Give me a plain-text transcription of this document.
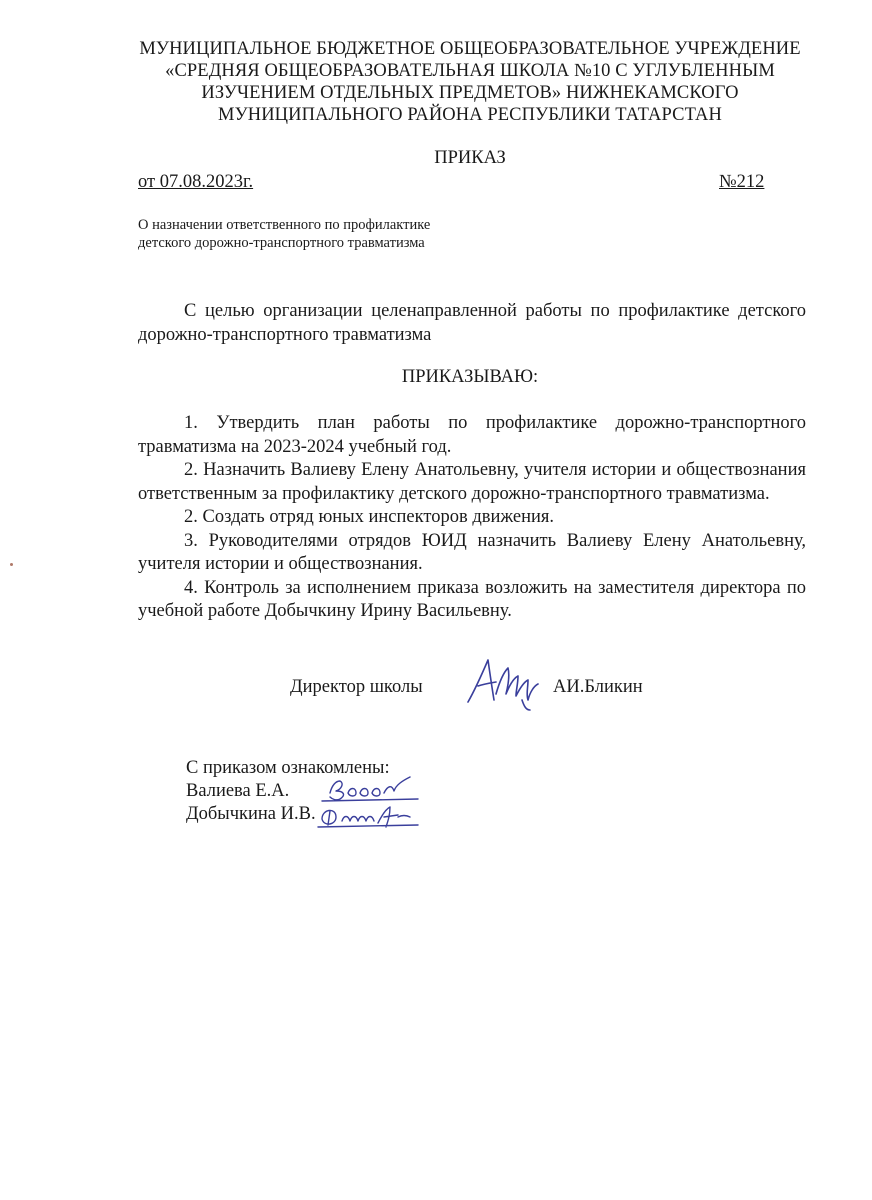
МУНИЦИПАЛЬНОЕ БЮДЖЕТНОЕ ОБЩЕОБРАЗОВАТЕЛЬНОЕ УЧРЕЖДЕНИЕ
«СРЕДНЯЯ ОБЩЕОБРАЗОВАТЕЛЬНАЯ ШКОЛА №10 С УГЛУБЛЕННЫМ
ИЗУЧЕНИЕМ ОТДЕЛЬНЫХ ПРЕДМЕТОВ» НИЖНЕКАМСКОГО
МУНИЦИПАЛЬНОГО РАЙОНА РЕСПУБЛИКИ ТАТАРСТАН
ПРИКАЗ
от 07.08.2023г.	№212
О назначении ответственного по профилактике
детского дорожно-транспортного травматизма
С целью организации целенаправленной работы по профилактике детского дорожно-транспортного травматизма
ПРИКАЗЫВАЮ:

1. Утвердить план работы по профилактике дорожно-транспортного травматизма на 2023-2024 учебный год.

2. Назначить Валиеву Елену Анатольевну, учителя истории и обществознания ответственным за профилактику детского дорожно-транспортного травматизма.

2. Создать отряд юных инспекторов движения.

3. Руководителями отрядов ЮИД назначить Валиеву Елену Анатольевну, учителя истории и обществознания.

4. Контроль за исполнением приказа возложить на заместителя директора по учебной работе Добычкину Ирину Васильевну.

Директор школы	АИ.Бликин
С приказом ознакомлены:
Валиева Е.А.
Добычкина И.В.
